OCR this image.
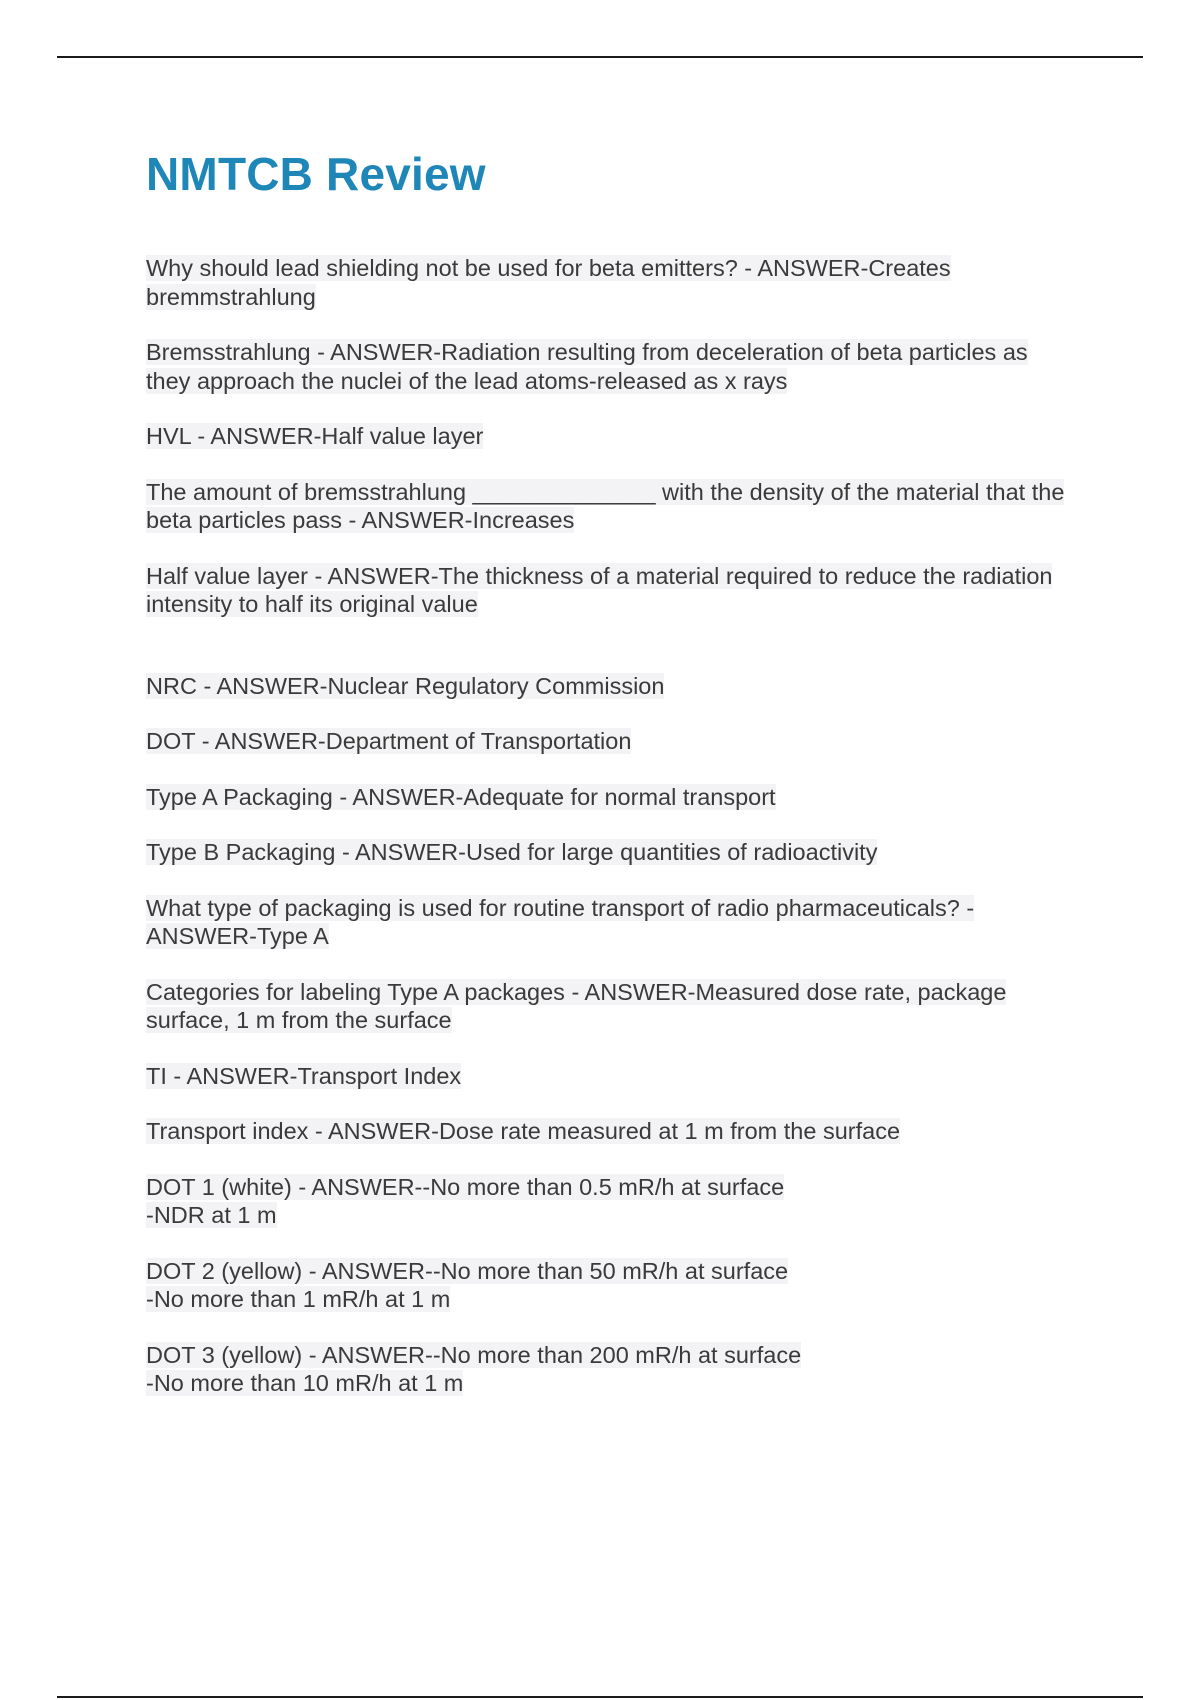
NMTCB Review

Why should lead shielding not be used for beta emitters? - ANSWER-Creates
bremmstrahlung

Bremsstrahlung - ANSWER-Radiation resulting from deceleration of beta particles as
they approach the nuclei of the lead atoms-released as x rays

HVL - ANSWER-Half value layer

The amount of bremsstrahlung ______________ with the density of the material that the
beta particles pass - ANSWER-Increases

Half value layer - ANSWER-The thickness of a material required to reduce the radiation
intensity to half its original value

NRC - ANSWER-Nuclear Regulatory Commission

DOT - ANSWER-Department of Transportation

Type A Packaging - ANSWER-Adequate for normal transport

Type B Packaging - ANSWER-Used for large quantities of radioactivity

What type of packaging is used for routine transport of radio pharmaceuticals? -
ANSWER-Type A

Categories for labeling Type A packages - ANSWER-Measured dose rate, package
surface, 1 m from the surface

TI - ANSWER-Transport Index

Transport index - ANSWER-Dose rate measured at 1 m from the surface

DOT 1 (white) - ANSWER--No more than 0.5 mR/h at surface
-NDR at 1 m

DOT 2 (yellow) - ANSWER--No more than 50 mR/h at surface
-No more than 1 mR/h at 1 m

DOT 3 (yellow) - ANSWER--No more than 200 mR/h at surface
-No more than 10 mR/h at 1 m
